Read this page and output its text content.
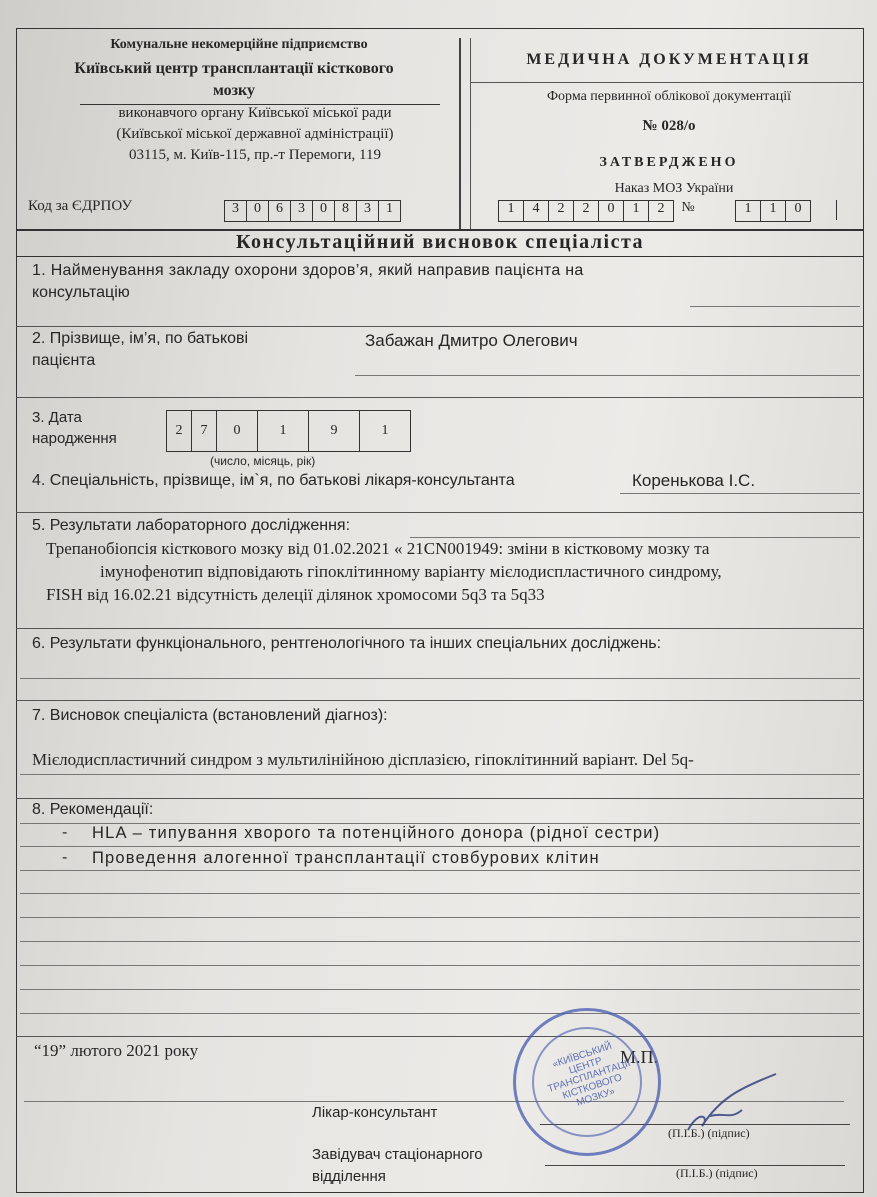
Комунальне некомерційне підприємство
Київський центр трансплантації кісткового
мозку
виконавчого органу Київської міської ради
(Київської міської державної адміністрації)
03115, м. Київ-115, пр.-т Перемоги, 119
Код за ЄДРПОУ	3	0	6	3	0	8	3	1
МЕДИЧНА ДОКУМЕНТАЦІЯ
Форма первинної облікової документації
№ 028/о
ЗАТВЕРДЖЕНО
Наказ МОЗ України
1	4	2	2	0	1	2	№	1	1	0
Консультаційний висновок спеціаліста
1. Найменування закладу охорони здоров’я, який направив пацієнта на
консультацію
2. Прізвище, ім’я, по батькові
пацієнта
Забажан Дмитро Олегович
3. Дата
народження	2	7	0	1	9	1
(число, місяць, рік)
4. Спеціальність, прізвище, ім`я, по батькові лікаря-консультанта	Коренькова І.С.
5. Результати лабораторного дослідження:
Трепанобіопсія кісткового мозку від 01.02.2021 « 21CN001949: зміни в кістковому мозку та
імунофенотип відповідають гіпоклітинному варіанту мієлодиспластичного синдрому,
FISH від 16.02.21 відсутність делеції ділянок хромосоми 5q3 та 5q33
6. Результати функціонального, рентгенологічного та інших спеціальних досліджень:
7. Висновок спеціаліста (встановлений діагноз):
Мієлодиспластичний синдром з мультилінійною дісплазією, гіпоклітинний варіант. Del 5q-
8. Рекомендації:
- HLA – типування хворого та потенційного донора (рідної сестри)
- Проведення алогенної трансплантації стовбурових клітин
“19” лютого 2021 року	М.П.
Лікар-консультант
(П.І.Б.) (підпис)
Завідувач стаціонарного
відділення	(П.І.Б.) (підпис)
«КИЇВСЬКИЙ ЦЕНТР ТРАНСПЛАНТАЦІЇ КІСТКОВОГО МОЗКУ»
